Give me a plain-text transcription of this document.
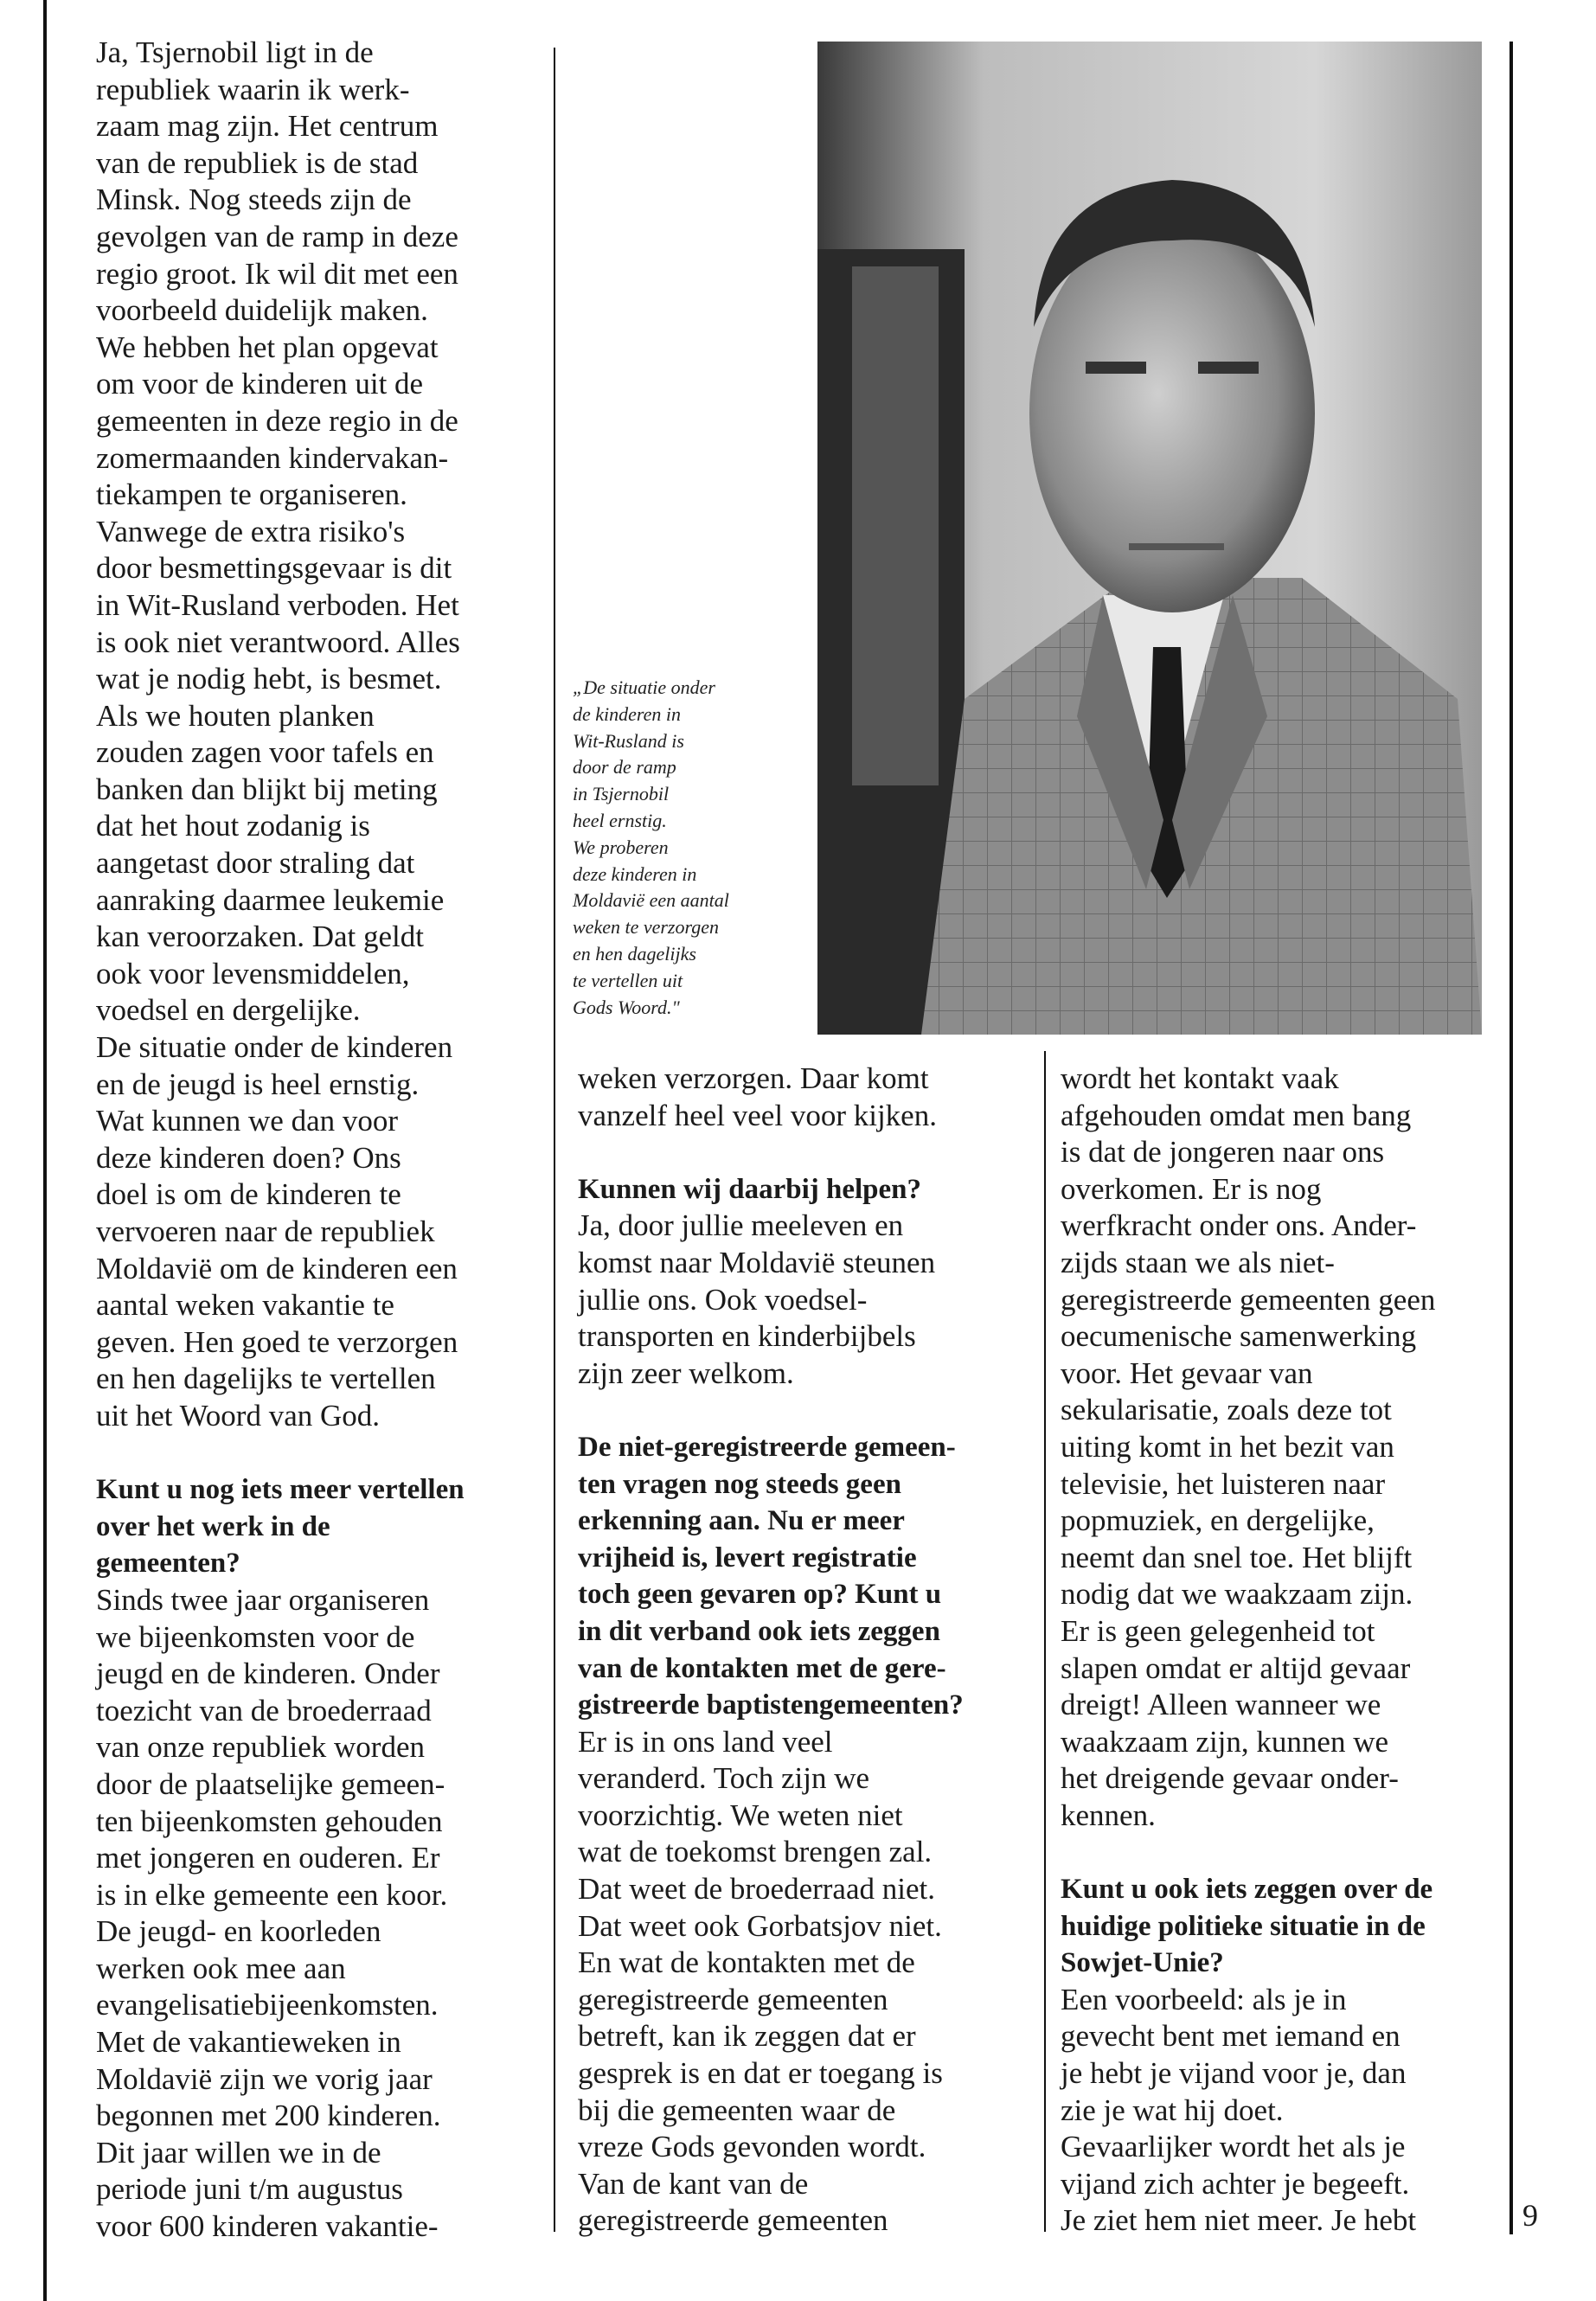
Ja, Tsjernobil ligt in de
republiek waarin ik werk-
zaam mag zijn. Het centrum
van de republiek is de stad
Minsk. Nog steeds zijn de
gevolgen van de ramp in deze
regio groot. Ik wil dit met een
voorbeeld duidelijk maken.
We hebben het plan opgevat
om voor de kinderen uit de
gemeenten in deze regio in de
zomermaanden kindervakan-
tiekampen te organiseren.
Vanwege de extra risiko's
door besmettingsgevaar is dit
in Wit-Rusland verboden. Het
is ook niet verantwoord. Alles
wat je nodig hebt, is besmet.
Als we houten planken
zouden zagen voor tafels en
banken dan blijkt bij meting
dat het hout zodanig is
aangetast door straling dat
aanraking daarmee leukemie
kan veroorzaken. Dat geldt
ook voor levensmiddelen,
voedsel en dergelijke.
De situatie onder de kinderen
en de jeugd is heel ernstig.
Wat kunnen we dan voor
deze kinderen doen? Ons
doel is om de kinderen te
vervoeren naar de republiek
Moldavië om de kinderen een
aantal weken vakantie te
geven. Hen goed te verzorgen
en hen dagelijks te vertellen
uit het Woord van God.
Kunt u nog iets meer vertellen
over het werk in de
gemeenten?
Sinds twee jaar organiseren
we bijeenkomsten voor de
jeugd en de kinderen. Onder
toezicht van de broederraad
van onze republiek worden
door de plaatselijke gemeen-
ten bijeenkomsten gehouden
met jongeren en ouderen. Er
is in elke gemeente een koor.
De jeugd- en koorleden
werken ook mee aan
evangelisatiebijeenkomsten.
Met de vakantieweken in
Moldavië zijn we vorig jaar
begonnen met 200 kinderen.
Dit jaar willen we in de
periode juni t/m augustus
voor 600 kinderen vakantie-
weken verzorgen. Daar komt
vanzelf heel veel voor kijken.
Kunnen wij daarbij helpen?
Ja, door jullie meeleven en
komst naar Moldavië steunen
jullie ons. Ook voedsel-
transporten en kinderbijbels
zijn zeer welkom.
De niet-geregistreerde gemeen-
ten vragen nog steeds geen
erkenning aan. Nu er meer
vrijheid is, levert registratie
toch geen gevaren op? Kunt u
in dit verband ook iets zeggen
van de kontakten met de gere-
gistreerde baptistengemeenten?
Er is in ons land veel
veranderd. Toch zijn we
voorzichtig. We weten niet
wat de toekomst brengen zal.
Dat weet de broederraad niet.
Dat weet ook Gorbatsjov niet.
En wat de kontakten met de
geregistreerde gemeenten
betreft, kan ik zeggen dat er
gesprek is en dat er toegang is
bij die gemeenten waar de
vreze Gods gevonden wordt.
Van de kant van de
geregistreerde gemeenten
wordt het kontakt vaak
afgehouden omdat men bang
is dat de jongeren naar ons
overkomen. Er is nog
werfkracht onder ons. Ander-
zijds staan we als niet-
geregistreerde gemeenten geen
oecumenische samenwerking
voor. Het gevaar van
sekularisatie, zoals deze tot
uiting komt in het bezit van
televisie, het luisteren naar
popmuziek, en dergelijke,
neemt dan snel toe. Het blijft
nodig dat we waakzaam zijn.
Er is geen gelegenheid tot
slapen omdat er altijd gevaar
dreigt! Alleen wanneer we
waakzaam zijn, kunnen we
het dreigende gevaar onder-
kennen.
Kunt u ook iets zeggen over de
huidige politieke situatie in de
Sowjet-Unie?
Een voorbeeld: als je in
gevecht bent met iemand en
je hebt je vijand voor je, dan
zie je wat hij doet.
Gevaarlijker wordt het als je
vijand zich achter je begeeft.
Je ziet hem niet meer. Je hebt
„De situatie onder
de kinderen in
Wit-Rusland is
door de ramp
in Tsjernobil
heel ernstig.
We proberen
deze kinderen in
Moldavië een aantal
weken te verzorgen
en hen dagelijks
te vertellen uit
Gods Woord."
9
